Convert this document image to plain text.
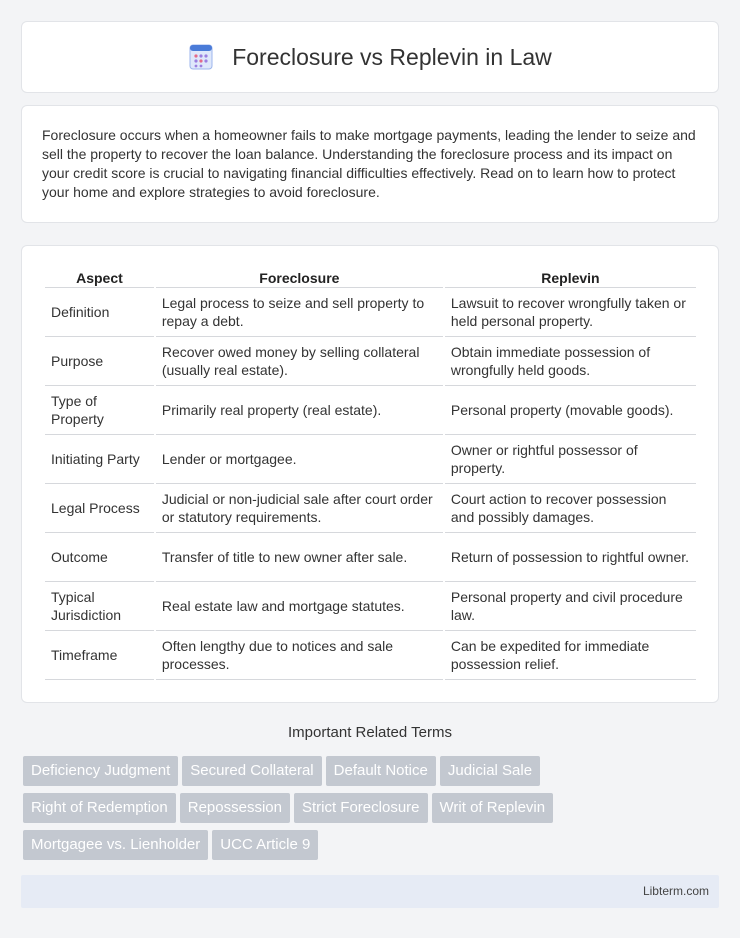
Foreclosure vs Replevin in Law

Foreclosure occurs when a homeowner fails to make mortgage payments, leading the lender to seize and sell the property to recover the loan balance. Understanding the foreclosure process and its impact on your credit score is crucial to navigating financial difficulties effectively. Read on to learn how to protect your home and explore strategies to avoid foreclosure.

Aspect	Foreclosure	Replevin
Definition	Legal process to seize and sell property to repay a debt.	Lawsuit to recover wrongfully taken or held personal property.
Purpose	Recover owed money by selling collateral (usually real estate).	Obtain immediate possession of wrongfully held goods.
Type of Property	Primarily real property (real estate).	Personal property (movable goods).
Initiating Party	Lender or mortgagee.	Owner or rightful possessor of property.
Legal Process	Judicial or non-judicial sale after court order or statutory requirements.	Court action to recover possession and possibly damages.
Outcome	Transfer of title to new owner after sale.	Return of possession to rightful owner.
Typical Jurisdiction	Real estate law and mortgage statutes.	Personal property and civil procedure law.
Timeframe	Often lengthy due to notices and sale processes.	Can be expedited for immediate possession relief.
Important Related Terms
Deficiency Judgment Secured Collateral Default Notice Judicial Sale
Right of Redemption Repossession Strict Foreclosure Writ of Replevin
Mortgagee vs. Lienholder UCC Article 9
Libterm.com
